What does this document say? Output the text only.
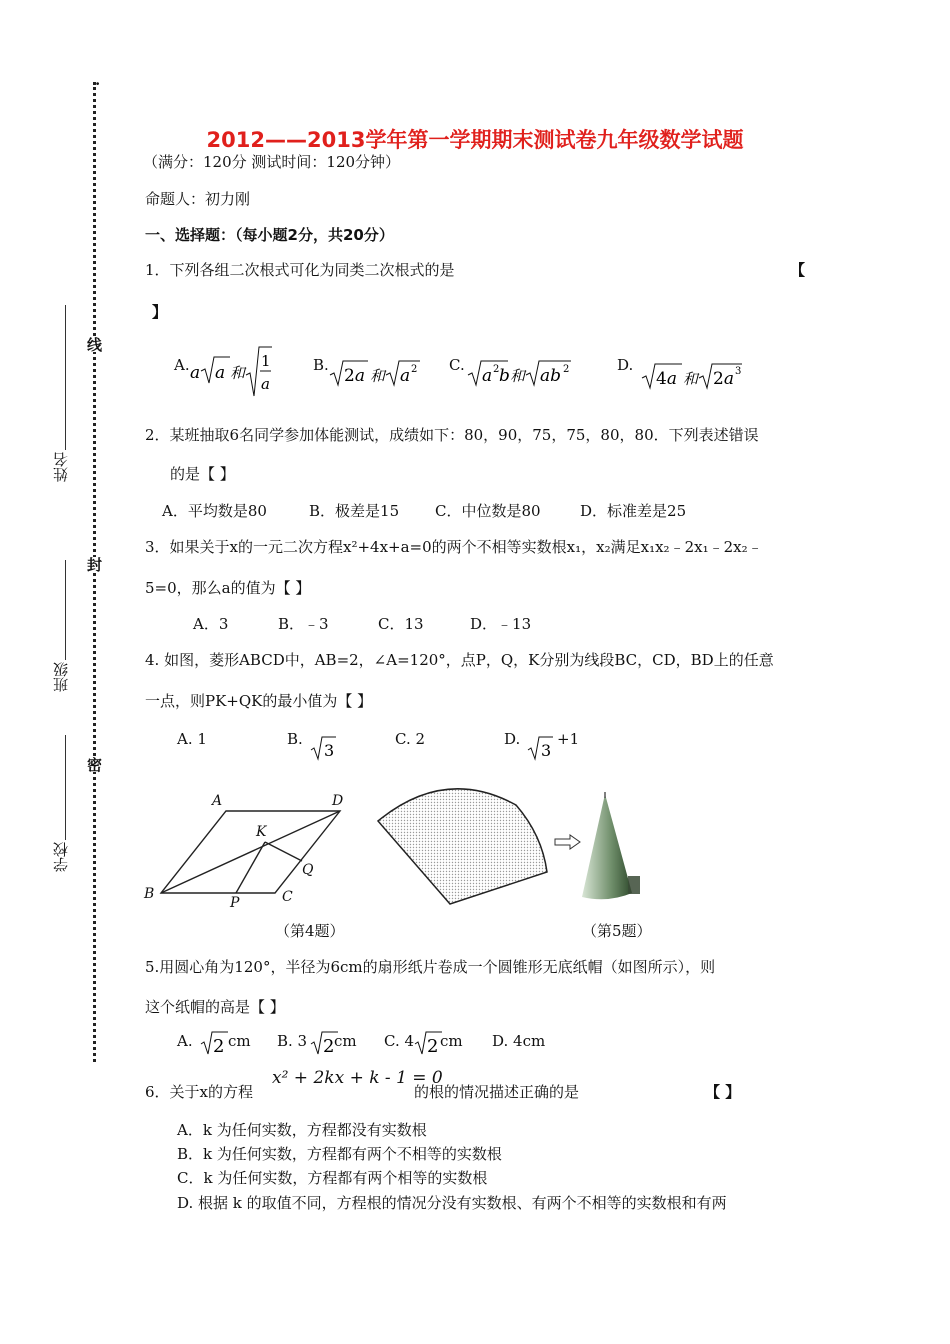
.
线
封
密
姓名
班级
学校
2012——2013学年第一学期期末测试卷九年级数学试题
（满分：120分 测试时间：120分钟）
命题人：初力刚
一、选择题：（每小题2分，共20分）
1．下列各组二次根式可化为同类二次根式的是	【
】
A. a a 和
1
a
B.
2a 和 a 2 C.
a 2 b 和 ab 2	D.
4a 和 2a 3
2．某班抽取6名同学参加体能测试，成绩如下：80，90，75，75，80，80．下列表述错误
的是【 】
A．平均数是80	B．极差是15 C．中位数是80	D．标准差是25
3．如果关于x的一元二次方程x²+4x+a=0的两个不相等实数根x₁，x₂满足x₁x₂﹣2x₁﹣2x₂﹣
5=0，那么a的值为【 】
A．3	B．﹣3	C．13	D．﹣13
4. 如图，菱形ABCD中，AB=2，∠A=120°，点P，Q，K分别为线段BC，CD，BD上的任意
一点，则PK+QK的最小值为【 】
A. 1	B.
3
C. 2	D.
3
+1
A	D
K
Q
B	C
P
（第4题）	（第5题）
5.用圆心角为120°，半径为6cm的扇形纸片卷成一个圆锥形无底纸帽（如图所示），则
这个纸帽的高是【 】
A. 2 cm B. 3 2 cm C. 4 2 cm D. 4cm
6．关于x的方程
x² + 2kx + k - 1 = 0
的根的情况描述正确的是	【 】
A．k 为任何实数，方程都没有实数根
B．k 为任何实数，方程都有两个不相等的实数根
C．k 为任何实数，方程都有两个相等的实数根
D. 根据 k 的取值不同，方程根的情况分没有实数根、有两个不相等的实数根和有两
